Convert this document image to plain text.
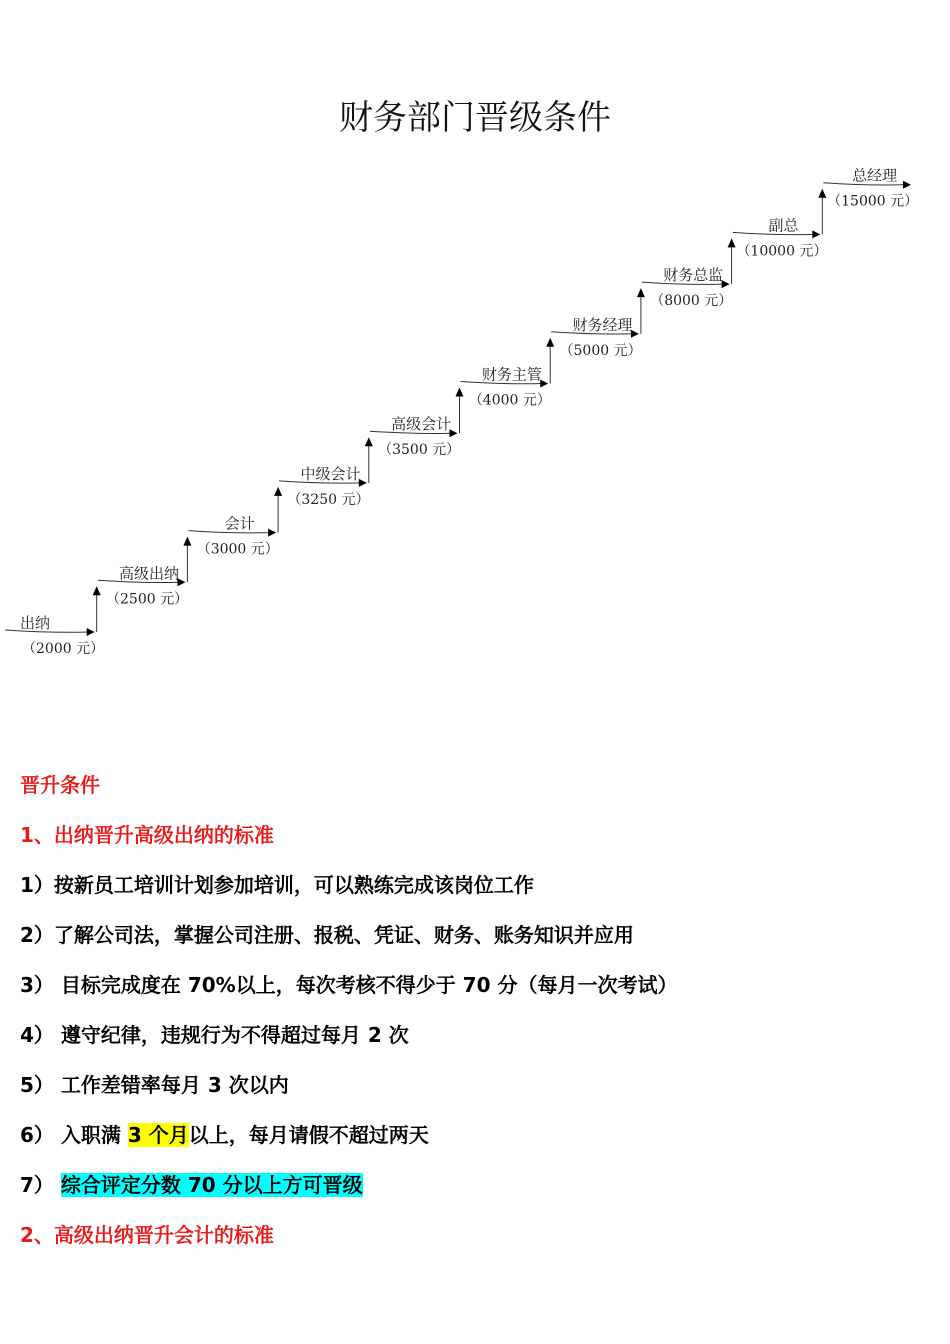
财务部门晋级条件
出纳
（2000 元）
高级出纳
（2500 元）
会计
（3000 元）
中级会计
（3250 元）
高级会计
（3500 元）
财务主管
（4000 元）
财务经理
（5000 元）
财务总监
（8000 元）
副总
（10000 元）
总经理
（15000 元）
晋升条件
1、出纳晋升高级出纳的标准
1）按新员工培训计划参加培训，可以熟练完成该岗位工作
2）了解公司法，掌握公司注册、报税、凭证、财务、账务知识并应用
3） 目标完成度在 70%以上，每次考核不得少于 70 分（每月一次考试）
4） 遵守纪律，违规行为不得超过每月 2 次
5） 工作差错率每月 3 次以内
6） 入职满 3 个月以上，每月请假不超过两天
7） 综合评定分数 70 分以上方可晋级
2、高级出纳晋升会计的标准
